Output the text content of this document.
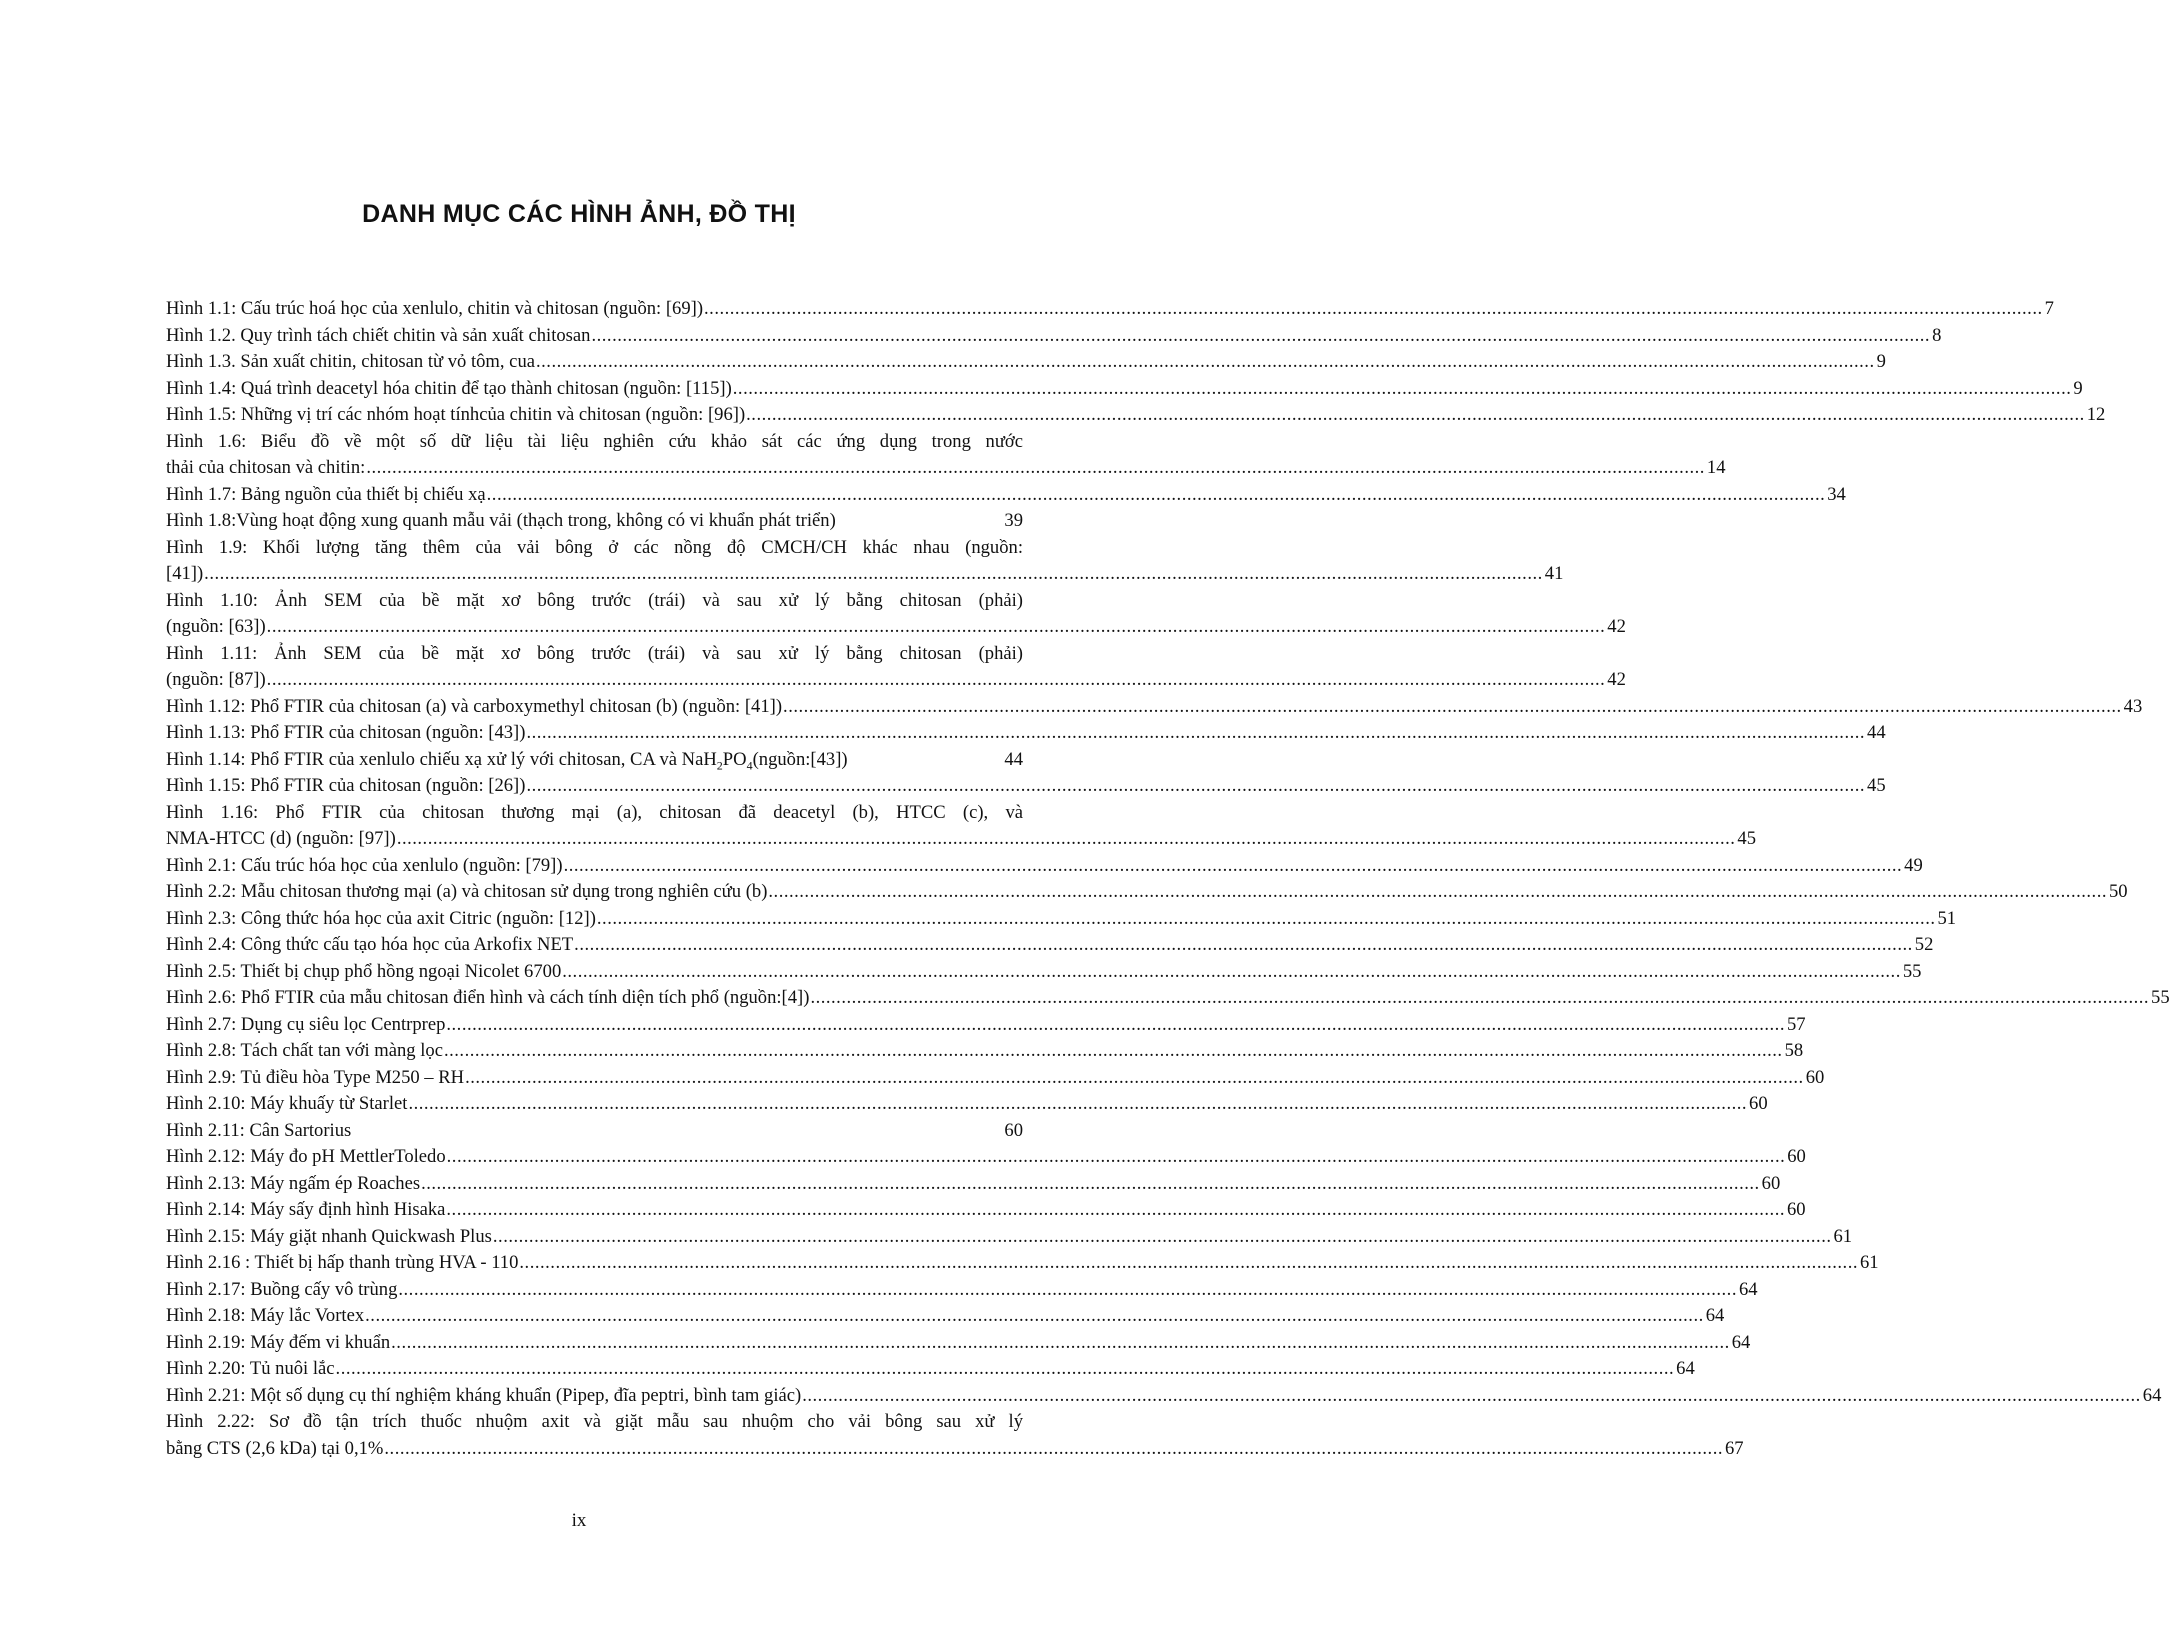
DANH MỤC CÁC HÌNH ẢNH, ĐỒ THỊ
Hình 1.1: Cấu trúc hoá học của xenlulo, chitin và chitosan (nguồn: [69]) .................................................................................................................................................................................................................................................................... 7
Hình 1.2. Quy trình tách chiết chitin và sản xuất chitosan .................................................................................................................................................................................................................................................................... 8
Hình 1.3. Sản xuất chitin, chitosan từ vỏ tôm, cua .................................................................................................................................................................................................................................................................... 9
Hình 1.4: Quá trình deacetyl hóa chitin để tạo thành chitosan (nguồn: [115]) .................................................................................................................................................................................................................................................................... 9
Hình 1.5: Những vị trí các nhóm hoạt tínhcủa chitin và chitosan (nguồn: [96]) .................................................................................................................................................................................................................................................................... 12
Hình 1.6: Biểu đồ về một số dữ liệu tài liệu nghiên cứu khảo sát các ứng dụng trong nước
thải của chitosan và chitin: .................................................................................................................................................................................................................................................................... 14
Hình 1.7: Bảng nguồn của thiết bị chiếu xạ .................................................................................................................................................................................................................................................................... 34
Hình 1.8:Vùng hoạt động xung quanh mẫu vải (thạch trong, không có vi khuẩn phát triển)	39
Hình 1.9: Khối lượng tăng thêm của vải bông ở các nồng độ CMCH/CH khác nhau (nguồn:
[41]) .................................................................................................................................................................................................................................................................... 41
Hình 1.10: Ảnh SEM của bề mặt xơ bông trước (trái) và sau xử lý bằng chitosan (phải)
(nguồn: [63]) .................................................................................................................................................................................................................................................................... 42
Hình 1.11: Ảnh SEM của bề mặt xơ bông trước (trái) và sau xử lý bằng chitosan (phải)
(nguồn: [87]) .................................................................................................................................................................................................................................................................... 42
Hình 1.12: Phổ FTIR của chitosan (a) và carboxymethyl chitosan (b) (nguồn: [41]) .................................................................................................................................................................................................................................................................... 43
Hình 1.13: Phổ FTIR của chitosan (nguồn: [43]) .................................................................................................................................................................................................................................................................... 44
Hình 1.14: Phổ FTIR của xenlulo chiếu xạ xử lý với chitosan, CA và $NaH_2PO_4(nguồn:[43])$	44
Hình 1.15: Phổ FTIR của chitosan (nguồn: [26]) .................................................................................................................................................................................................................................................................... 45
Hình 1.16: Phổ FTIR của chitosan thương mại (a), chitosan đã deacetyl (b), HTCC (c), và
NMA-HTCC (d) (nguồn: [97]) .................................................................................................................................................................................................................................................................... 45
Hình 2.1: Cấu trúc hóa học của xenlulo (nguồn: [79]) .................................................................................................................................................................................................................................................................... 49
Hình 2.2: Mẫu chitosan thương mại (a) và chitosan sử dụng trong nghiên cứu (b) .................................................................................................................................................................................................................................................................... 50
Hình 2.3: Công thức hóa học của axit Citric (nguồn: [12]) .................................................................................................................................................................................................................................................................... 51
Hình 2.4: Công thức cấu tạo hóa học của Arkofix NET .................................................................................................................................................................................................................................................................... 52
Hình 2.5: Thiết bị chụp phổ hồng ngoại Nicolet 6700 .................................................................................................................................................................................................................................................................... 55
Hình 2.6: Phổ FTIR của mẫu chitosan điển hình và cách tính diện tích phổ (nguồn:[4]) .................................................................................................................................................................................................................................................................... 55
Hình 2.7: Dụng cụ siêu lọc Centrprep .................................................................................................................................................................................................................................................................... 57
Hình 2.8: Tách chất tan với màng lọc .................................................................................................................................................................................................................................................................... 58
Hình 2.9: Tủ điều hòa Type M250 – RH .................................................................................................................................................................................................................................................................... 60
Hình 2.10: Máy khuấy từ Starlet .................................................................................................................................................................................................................................................................... 60
Hình 2.11: Cân Sartorius	60
Hình 2.12: Máy đo pH MettlerToledo .................................................................................................................................................................................................................................................................... 60
Hình 2.13: Máy ngấm ép Roaches .................................................................................................................................................................................................................................................................... 60
Hình 2.14: Máy sấy định hình Hisaka .................................................................................................................................................................................................................................................................... 60
Hình 2.15: Máy giặt nhanh Quickwash Plus .................................................................................................................................................................................................................................................................... 61
Hình 2.16 : Thiết bị hấp thanh trùng HVA - 110 .................................................................................................................................................................................................................................................................... 61
Hình 2.17: Buồng cấy vô trùng .................................................................................................................................................................................................................................................................... 64
Hình 2.18: Máy lắc Vortex .................................................................................................................................................................................................................................................................... 64
Hình 2.19: Máy đếm vi khuẩn .................................................................................................................................................................................................................................................................... 64
Hình 2.20: Tủ nuôi lắc .................................................................................................................................................................................................................................................................... 64
Hình 2.21: Một số dụng cụ thí nghiệm kháng khuẩn (Pipep, đĩa peptri, bình tam giác) .................................................................................................................................................................................................................................................................... 64
Hình 2.22: Sơ đồ tận trích thuốc nhuộm axit và giặt mẫu sau nhuộm cho vải bông sau xử lý
bằng CTS (2,6 kDa) tại 0,1% .................................................................................................................................................................................................................................................................... 67
ix
